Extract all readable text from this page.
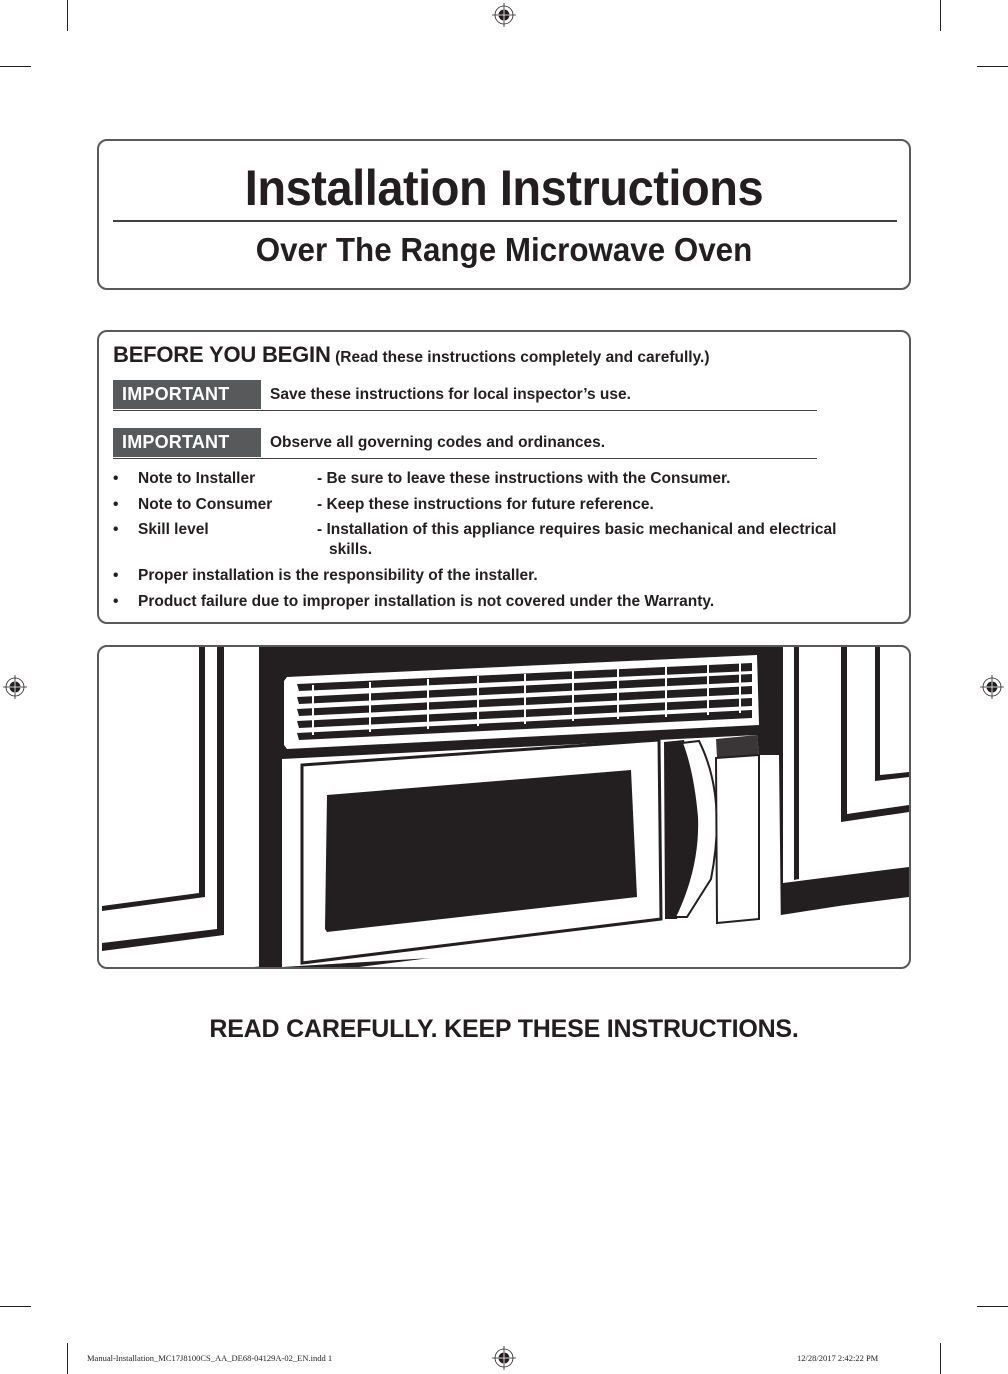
Installation Instructions
Over The Range Microwave Oven
BEFORE YOU BEGIN (Read these instructions completely and carefully.)
IMPORTANT	Save these instructions for local inspector’s use.
IMPORTANT	Observe all governing codes and ordinances.
• Note to Installer	- Be sure to leave these instructions with the Consumer.
• Note to Consumer	- Keep these instructions for future reference.
• Skill level	- Installation of this appliance requires basic mechanical and electrical
skills.
• Proper installation is the responsibility of the installer.
• Product failure due to improper installation is not covered under the Warranty.
READ CAREFULLY. KEEP THESE INSTRUCTIONS.
Manual-Installation_MC17J8100CS_AA_DE68-04129A-02_EN.indd 1	12/28/2017 2:42:22 PM
